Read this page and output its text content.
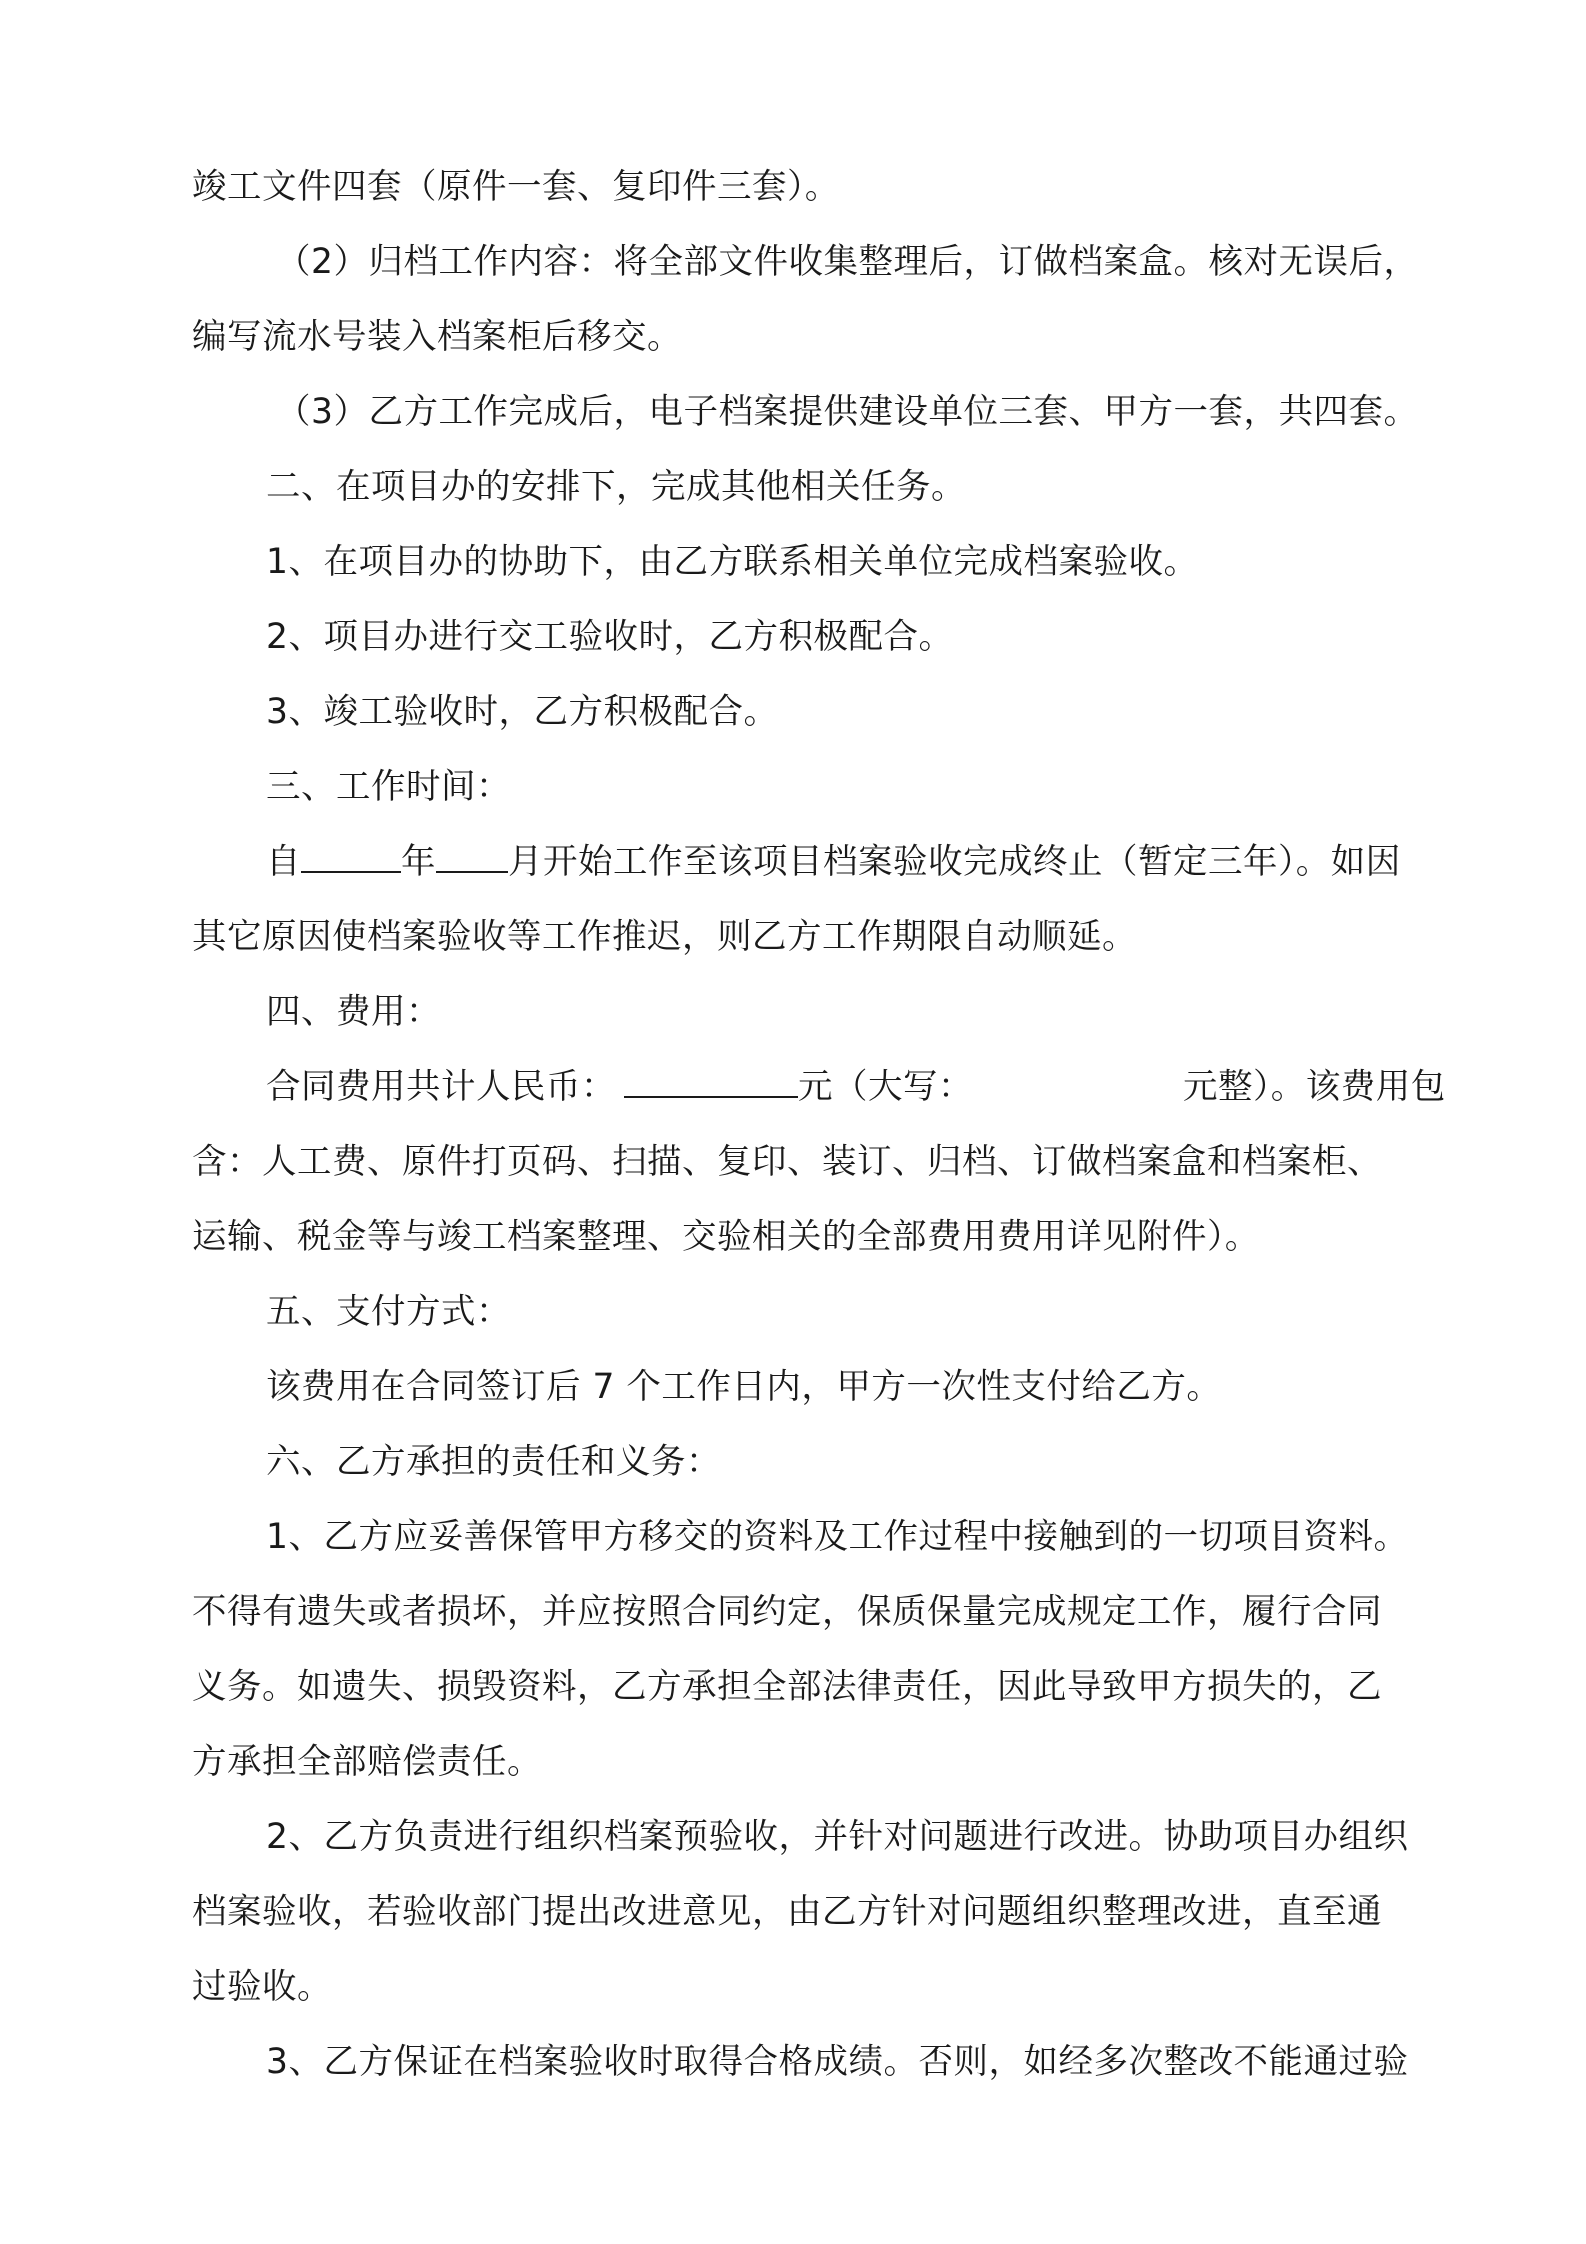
竣工文件四套（原件一套、复印件三套）。
（2）归档工作内容：将全部文件收集整理后，订做档案盒。核对无误后，
编写流水号装入档案柜后移交。
（3）乙方工作完成后，电子档案提供建设单位三套、甲方一套，共四套。
二、在项目办的安排下，完成其他相关任务。
1、在项目办的协助下，由乙方联系相关单位完成档案验收。
2、项目办进行交工验收时，乙方积极配合。
3、竣工验收时，乙方积极配合。
三、工作时间：
自	年 月开始工作至该项目档案验收完成终止（暂定三年）。如因
其它原因使档案验收等工作推迟，则乙方工作期限自动顺延。
四、费用：
合同费用共计人民币：	元（大写：	元整）。该费用包
含：人工费、原件打页码、扫描、复印、装订、归档、订做档案盒和档案柜、
运输、税金等与竣工档案整理、交验相关的全部费用费用详见附件）。
五、支付方式：
该费用在合同签订后 7 个工作日内，甲方一次性支付给乙方。
六、乙方承担的责任和义务：
1、乙方应妥善保管甲方移交的资料及工作过程中接触到的一切项目资料。
不得有遗失或者损坏，并应按照合同约定，保质保量完成规定工作，履行合同
义务。如遗失、损毁资料，乙方承担全部法律责任，因此导致甲方损失的，乙
方承担全部赔偿责任。
2、乙方负责进行组织档案预验收，并针对问题进行改进。协助项目办组织
档案验收，若验收部门提出改进意见，由乙方针对问题组织整理改进，直至通
过验收。
3、乙方保证在档案验收时取得合格成绩。否则，如经多次整改不能通过验
